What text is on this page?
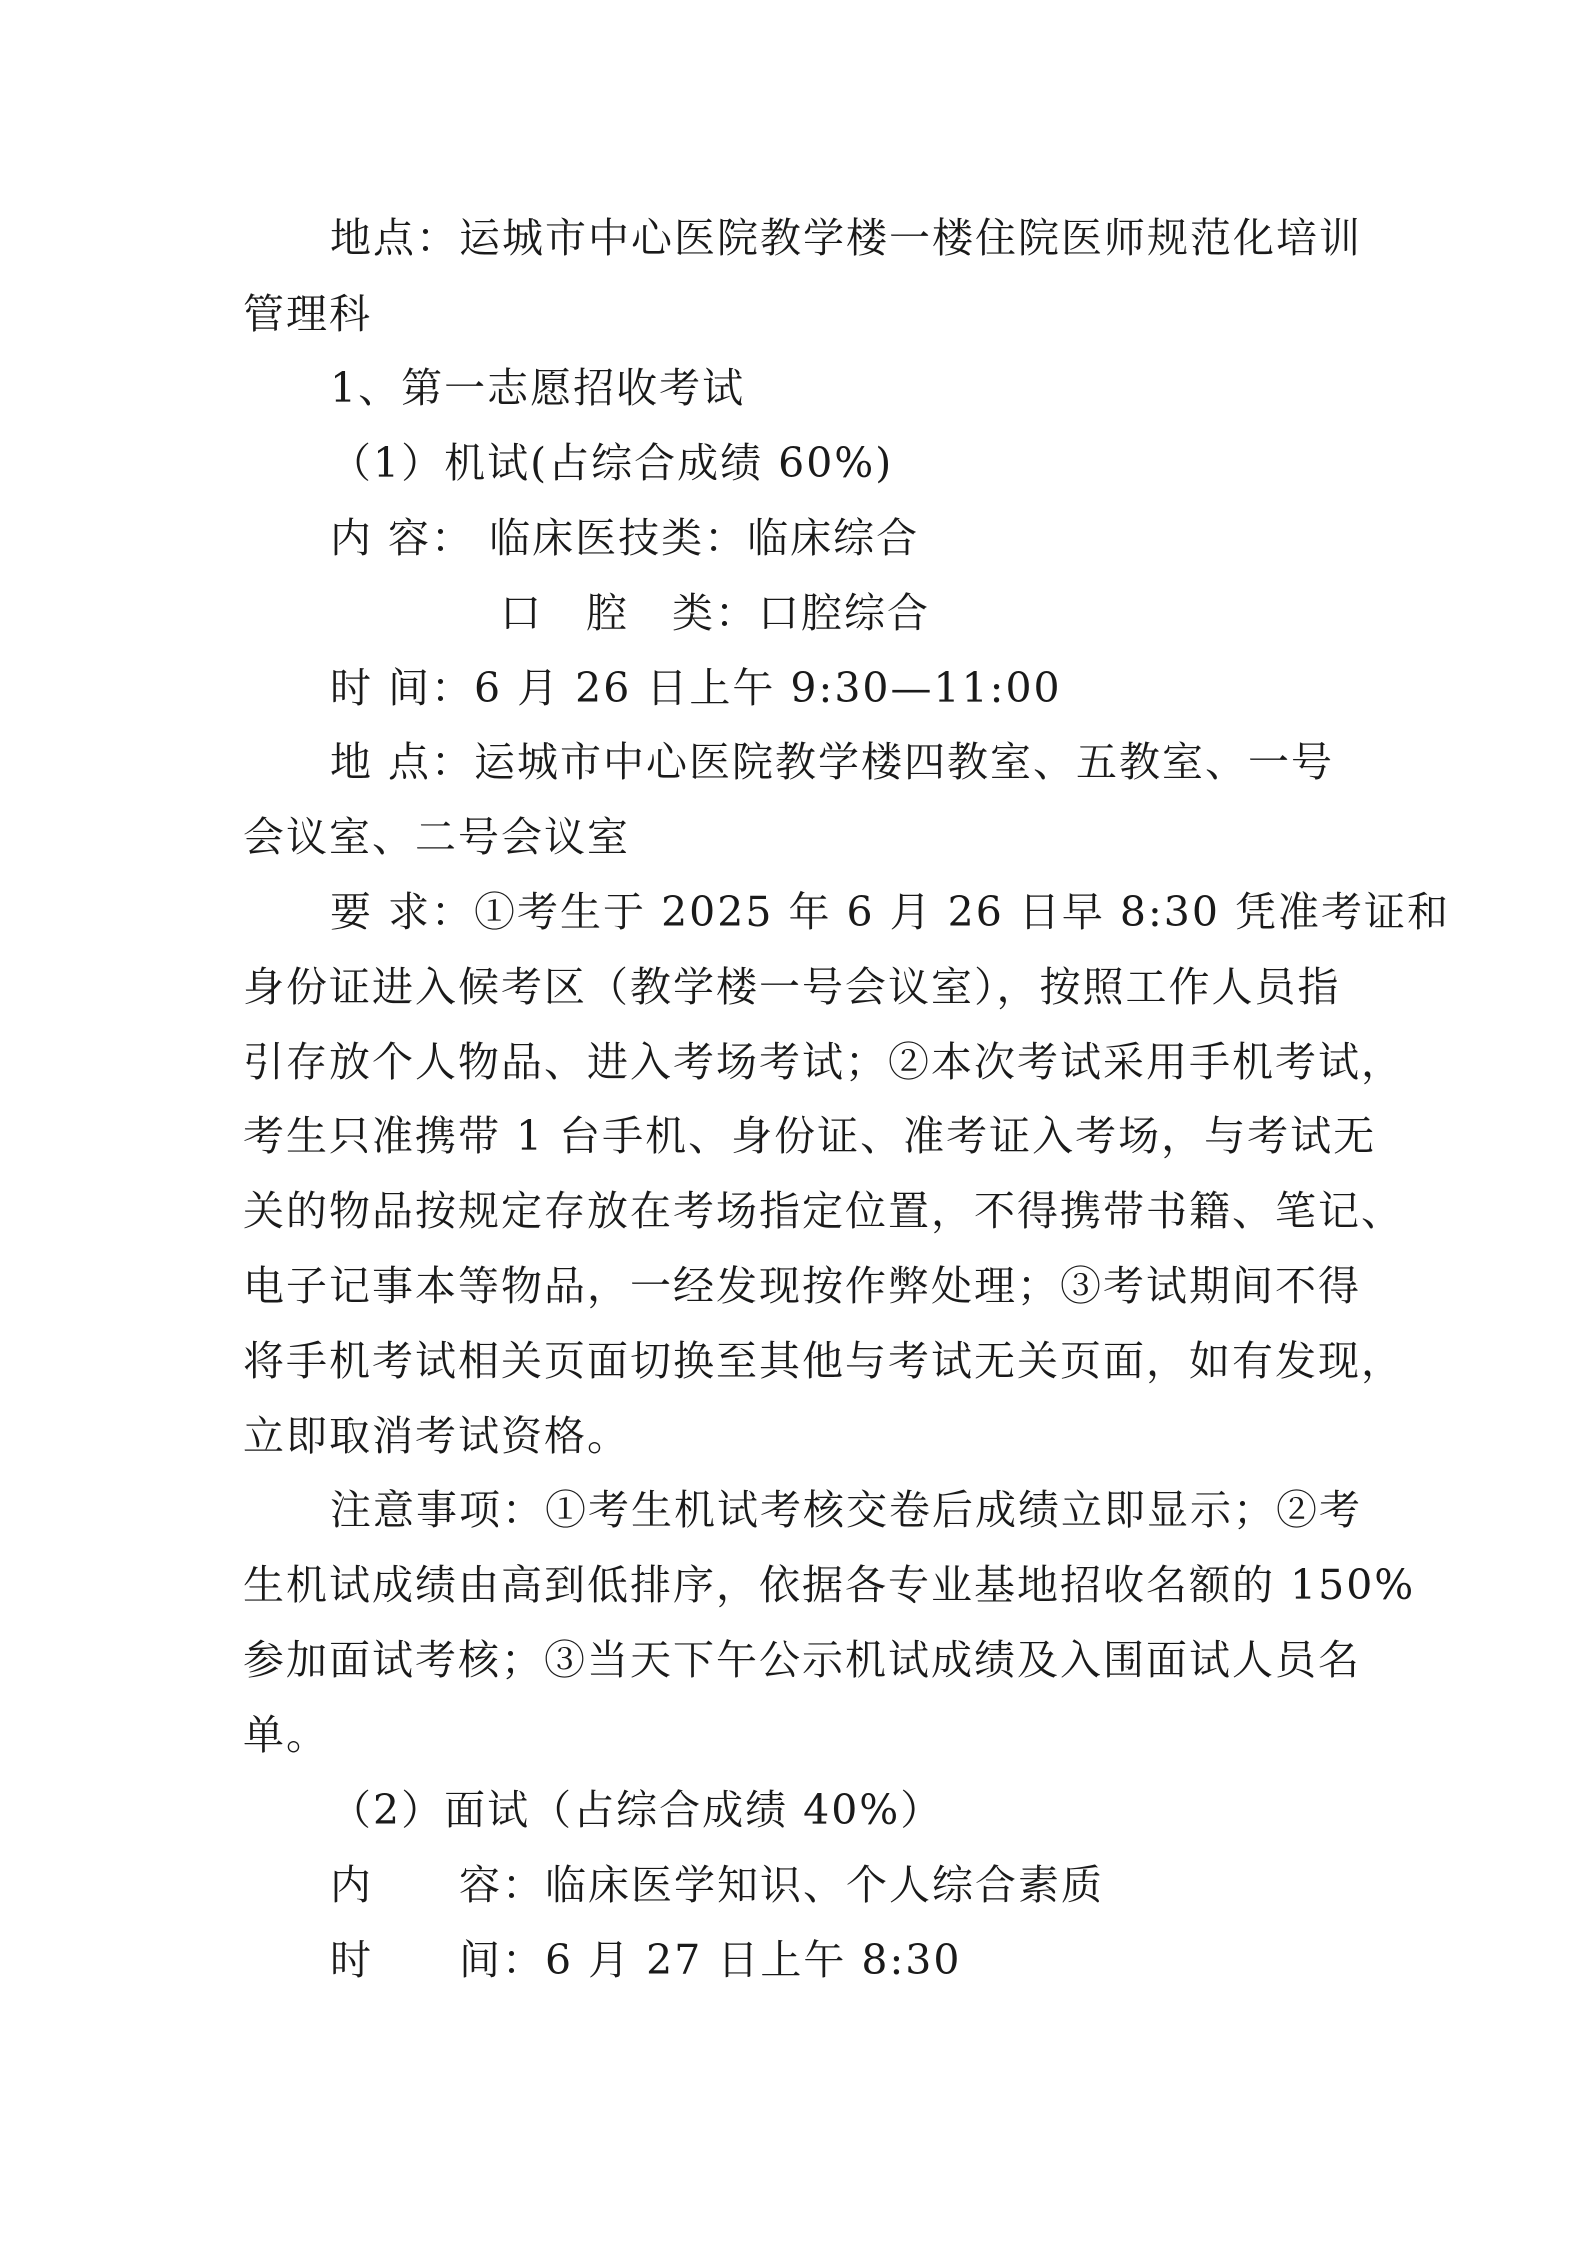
地点：运城市中心医院教学楼一楼住院医师规范化培训
管理科
1、第一志愿招收考试
（1）机试(占综合成绩 60%)
内 容： 临床医技类：临床综合
口　腔　类：口腔综合
时 间：6 月 26 日上午 9:30—11:00
地 点：运城市中心医院教学楼四教室、五教室、一号
会议室、二号会议室
要 求：①考生于 2025 年 6 月 26 日早 8:30 凭准考证和
身份证进入候考区（教学楼一号会议室），按照工作人员指
引存放个人物品、进入考场考试；②本次考试采用手机考试，
考生只准携带 1 台手机、身份证、准考证入考场，与考试无
关的物品按规定存放在考场指定位置，不得携带书籍、笔记、
电子记事本等物品，一经发现按作弊处理；③考试期间不得
将手机考试相关页面切换至其他与考试无关页面，如有发现，
立即取消考试资格。
注意事项：①考生机试考核交卷后成绩立即显示；②考
生机试成绩由高到低排序，依据各专业基地招收名额的 150%
参加面试考核；③当天下午公示机试成绩及入围面试人员名
单。
（2）面试（占综合成绩 40%）
内　　容：临床医学知识、个人综合素质
时　　间：6 月 27 日上午 8:30
